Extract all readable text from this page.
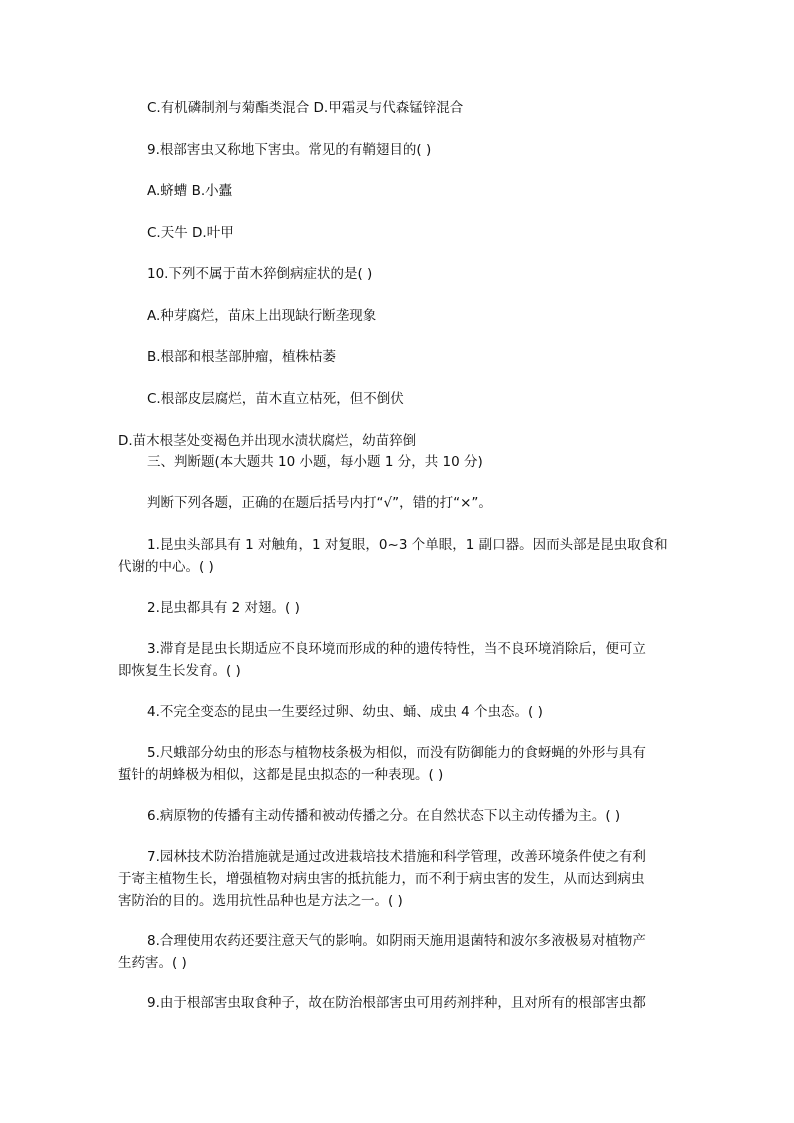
C.有机磷制剂与菊酯类混合 D.甲霜灵与代森锰锌混合
9.根部害虫又称地下害虫。常见的有鞘翅目的( )
A.蛴螬 B.小蠹
C.天牛 D.叶甲
10.下列不属于苗木猝倒病症状的是( )
A.种芽腐烂，苗床上出现缺行断垄现象
B.根部和根茎部肿瘤，植株枯萎
C.根部皮层腐烂，苗木直立枯死，但不倒伏
D.苗木根茎处变褐色并出现水渍状腐烂，幼苗猝倒
三、判断题(本大题共 10 小题，每小题 1 分，共 10 分)
判断下列各题，正确的在题后括号内打“√”，错的打“×”。
1.昆虫头部具有 1 对触角，1 对复眼，0~3 个单眼，1 副口器。因而头部是昆虫取食和
代谢的中心。( )
2.昆虫都具有 2 对翅。( )
3.滞育是昆虫长期适应不良环境而形成的种的遗传特性，当不良环境消除后，便可立
即恢复生长发育。( )
4.不完全变态的昆虫一生要经过卵、幼虫、蛹、成虫 4 个虫态。( )
5.尺蛾部分幼虫的形态与植物枝条极为相似，而没有防御能力的食蚜蝇的外形与具有
蜇针的胡蜂极为相似，这都是昆虫拟态的一种表现。( )
6.病原物的传播有主动传播和被动传播之分。在自然状态下以主动传播为主。( )
7.园林技术防治措施就是通过改进栽培技术措施和科学管理，改善环境条件使之有利
于寄主植物生长，增强植物对病虫害的抵抗能力，而不利于病虫害的发生，从而达到病虫
害防治的目的。选用抗性品种也是方法之一。( )
8.合理使用农药还要注意天气的影响。如阴雨天施用退菌特和波尔多液极易对植物产
生药害。( )
9.由于根部害虫取食种子，故在防治根部害虫可用药剂拌种，且对所有的根部害虫都
